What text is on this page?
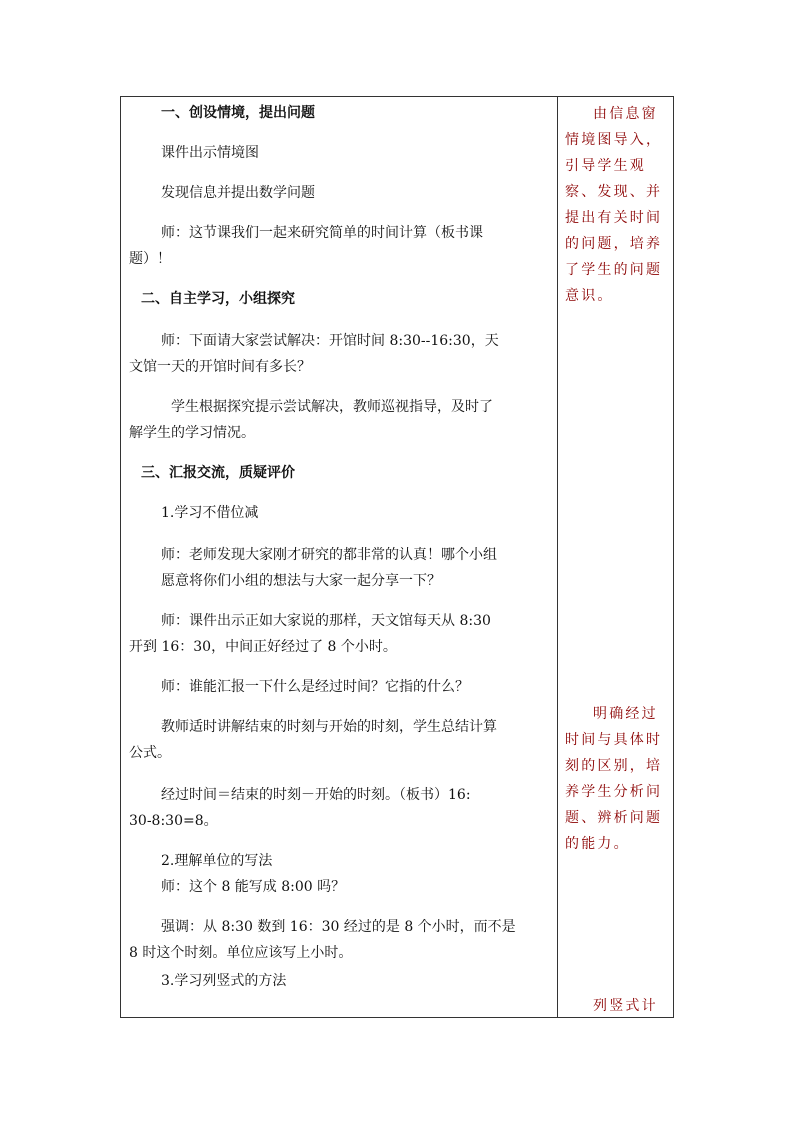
一、创设情境，提出问题
课件出示情境图
发现信息并提出数学问题
师：这节课我们一起来研究简单的时间计算（板书课
题）！
二、自主学习，小组探究
师：下面请大家尝试解决：开馆时间 8:30--16:30，天
文馆一天的开馆时间有多长？
学生根据探究提示尝试解决，教师巡视指导，及时了
解学生的学习情况。
三、汇报交流，质疑评价
1.学习不借位减
师：老师发现大家刚才研究的都非常的认真！哪个小组
愿意将你们小组的想法与大家一起分享一下？
师：课件出示正如大家说的那样，天文馆每天从 8:30
开到 16：30，中间正好经过了 8 个小时。
师：谁能汇报一下什么是经过时间？它指的什么？
教师适时讲解结束的时刻与开始的时刻，学生总结计算
公式。
经过时间＝结束的时刻－开始的时刻。（板书）16:
30-8:30=8。
2.理解单位的写法
师：这个 8 能写成 8:00 吗？
强调：从 8:30 数到 16：30 经过的是 8 个小时，而不是
8 时这个时刻。单位应该写上小时。
3.学习列竖式的方法
由信息窗情境图导入，引导学生观察、发现、并提出有关时间的问题，培养了学生的问题意识。
明确经过时间与具体时刻的区别，培养学生分析问题、辨析问题的能力。
列竖式计
